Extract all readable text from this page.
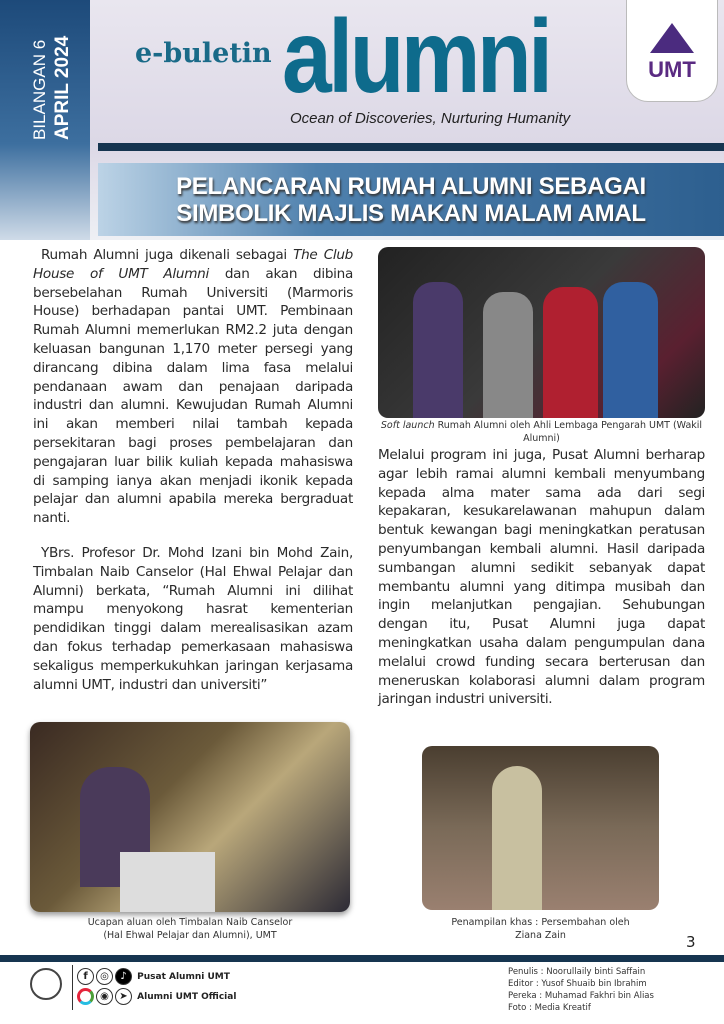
BILANGAN 6 APRIL 2024 e-buletin alumni
Ocean of Discoveries, Nurturing Humanity
UMT
PELANCARAN RUMAH ALUMNI SEBAGAI
SIMBOLIK MAJLIS MAKAN MALAM AMAL

Rumah Alumni juga dikenali sebagai The Club House of UMT Alumni dan akan dibina bersebelahan Rumah Universiti (Marmoris House) berhadapan pantai UMT. Pembinaan Rumah Alumni memerlukan RM2.2 juta dengan keluasan bangunan 1,170 meter persegi yang dirancang dibina dalam lima fasa melalui pendanaan awam dan penajaan daripada industri dan alumni. Kewujudan Rumah Alumni ini akan memberi nilai tambah kepada persekitaran bagi proses pembelajaran dan pengajaran luar bilik kuliah kepada mahasiswa di samping ianya akan menjadi ikonik kepada pelajar dan alumni apabila mereka bergraduat nanti.

YBrs. Profesor Dr. Mohd Izani bin Mohd Zain, Timbalan Naib Canselor (Hal Ehwal Pelajar dan Alumni) berkata, “Rumah Alumni ini dilihat mampu menyokong hasrat kementerian pendidikan tinggi dalam merealisasikan azam dan fokus terhadap pemerkasaan mahasiswa sekaligus memperkukuhkan jaringan kerjasama alumni UMT, industri dan universiti”

Ucapan aluan oleh Timbalan Naib Canselor
(Hal Ehwal Pelajar dan Alumni), UMT
Soft launch Rumah Alumni oleh Ahli Lembaga Pengarah UMT (Wakil Alumni)

Melalui program ini juga, Pusat Alumni berharap agar lebih ramai alumni kembali menyumbang kepada alma mater sama ada dari segi kepakaran, kesukarelawanan mahupun dalam bentuk kewangan bagi meningkatkan peratusan penyumbangan kembali alumni. Hasil daripada sumbangan alumni sedikit sebanyak dapat membantu alumni yang ditimpa musibah dan ingin melanjutkan pengajian. Sehubungan dengan itu, Pusat Alumni juga dapat meningkatkan usaha dalam pengumpulan dana melalui crowd funding secara berterusan dan meneruskan kolaborasi alumni dalam program jaringan industri universiti.

Penampilan khas : Persembahan oleh
Ziana Zain	3
f ◎ ♪ Pusat Alumni UMT
◉ ➤ Alumni UMT Official
Penulis : Noorullaily binti Saffain
Editor : Yusof Shuaib bin Ibrahim
Pereka : Muhamad Fakhri bin Alias
Foto : Media Kreatif
